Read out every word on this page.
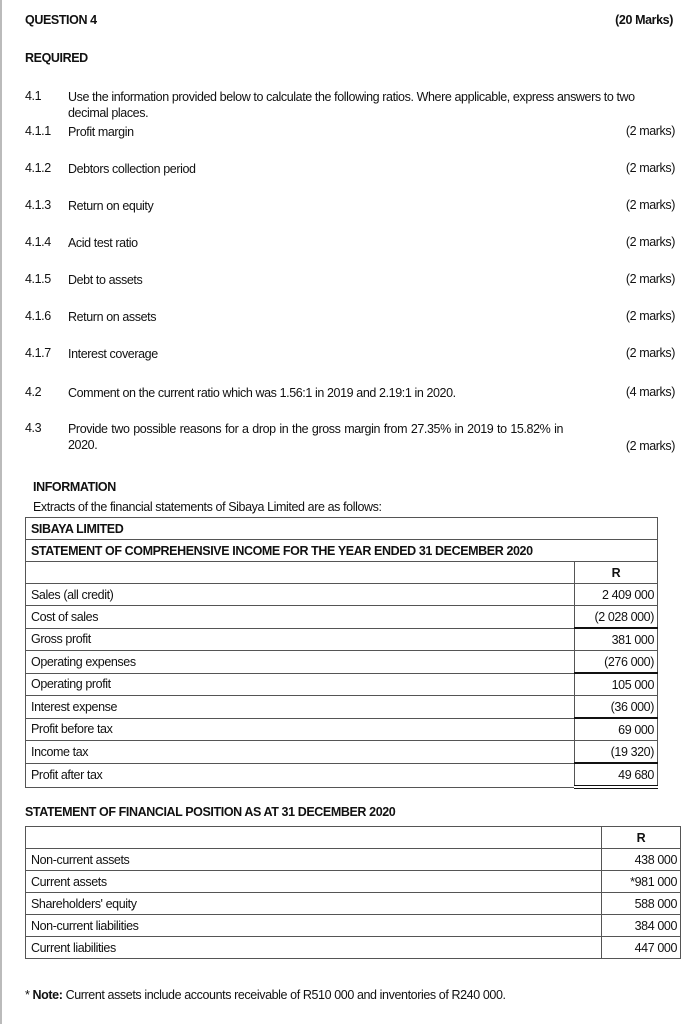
QUESTION 4	(20 Marks)
REQUIRED
4.1 Use the information provided below to calculate the following ratios. Where applicable, express answers to two decimal places.
4.1.1 Profit margin	(2 marks)
4.1.2 Debtors collection period	(2 marks)
4.1.3 Return on equity	(2 marks)
4.1.4 Acid test ratio	(2 marks)
4.1.5 Debt to assets	(2 marks)
4.1.6 Return on assets	(2 marks)
4.1.7 Interest coverage	(2 marks)
4.2 Comment on the current ratio which was 1.56:1 in 2019 and 2.19:1 in 2020.	(4 marks)
4.3 Provide two possible reasons for a drop in the gross margin from 27.35% in 2019 to 15.82% in 2020.	(2 marks)
INFORMATION
Extracts of the financial statements of Sibaya Limited are as follows:
SIBAYA LIMITED	
STATEMENT OF COMPREHENSIVE INCOME FOR THE YEAR ENDED 31 DECEMBER 2020	
	R
Sales (all credit)	2 409 000
Cost of sales	(2 028 000)
Gross profit	381 000
Operating expenses	(276 000)
Operating profit	105 000
Interest expense	(36 000)
Profit before tax	69 000
Income tax	(19 320)
Profit after tax	49 680
STATEMENT OF FINANCIAL POSITION AS AT 31 DECEMBER 2020
	R
Non-current assets	438 000
Current assets	*981 000
Shareholders' equity	588 000
Non-current liabilities	384 000
Current liabilities	447 000
* Note: Current assets include accounts receivable of R510 000 and inventories of R240 000.
